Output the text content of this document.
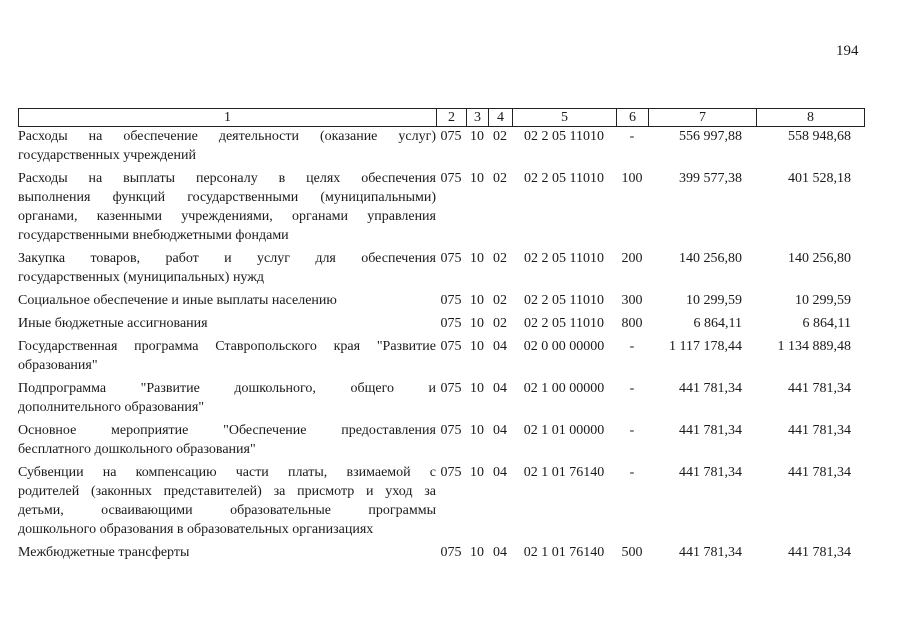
194
1	2	3	4	5	6	7	8
Расходы на обеспечение деятельности (оказание услуг)
государственных учреждений
075 10 02	02 2 05 11010	-	556 997,88	558 948,68
Расходы на выплаты персоналу в целях обеспечения
выполнения функций государственными (муниципальными)
органами, казенными учреждениями, органами управления
государственными внебюджетными фондами
075 10 02	02 2 05 11010	100	399 577,38	401 528,18
Закупка товаров, работ и услуг для обеспечения
государственных (муниципальных) нужд
075 10 02	02 2 05 11010	200	140 256,80	140 256,80
Социальное обеспечение и иные выплаты населению	075 10 02	02 2 05 11010	300	10 299,59	10 299,59
Иные бюджетные ассигнования	075 10 02	02 2 05 11010	800	6 864,11	6 864,11
Государственная программа Ставропольского края "Развитие
образования"
075 10 04	02 0 00 00000	-	1 117 178,44	1 134 889,48
Подпрограмма "Развитие дошкольного, общего и
дополнительного образования"
075 10 04	02 1 00 00000	-	441 781,34	441 781,34
Основное мероприятие "Обеспечение предоставления
бесплатного дошкольного образования"
075 10 04	02 1 01 00000	-	441 781,34	441 781,34
Субвенции на компенсацию части платы, взимаемой с
родителей (законных представителей) за присмотр и уход за
детьми, осваивающими образовательные программы
дошкольного образования в образовательных организациях
075 10 04	02 1 01 76140	-	441 781,34	441 781,34
Межбюджетные трансферты	075 10 04	02 1 01 76140	500	441 781,34	441 781,34
